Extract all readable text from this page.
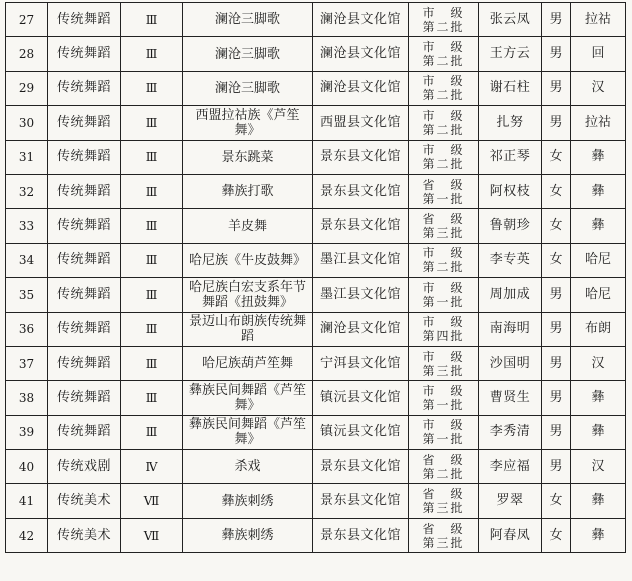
27	传统舞蹈	Ⅲ	澜沧三脚歌	澜沧县文化馆	市　级
第二批	张云凤	男	拉祜
28	传统舞蹈	Ⅲ	澜沧三脚歌	澜沧县文化馆	市　级
第二批	王方云	男	回
29	传统舞蹈	Ⅲ	澜沧三脚歌	澜沧县文化馆	市　级
第二批	谢石柱	男	汉
30	传统舞蹈	Ⅲ	西盟拉祜族《芦笙舞》	西盟县文化馆	市　级
第二批	扎努	男	拉祜
31	传统舞蹈	Ⅲ	景东跳菜	景东县文化馆	市　级
第二批	祁正琴	女	彝
32	传统舞蹈	Ⅲ	彝族打歌	景东县文化馆	省　级
第一批	阿权枝	女	彝
33	传统舞蹈	Ⅲ	羊皮舞	景东县文化馆	省　级
第三批	鲁朝珍	女	彝
34	传统舞蹈	Ⅲ	哈尼族《牛皮鼓舞》	墨江县文化馆	市　级
第二批	李专英	女	哈尼
35	传统舞蹈	Ⅲ	哈尼族白宏支系年节舞蹈《扭鼓舞》	墨江县文化馆	市　级
第一批	周加成	男	哈尼
36	传统舞蹈	Ⅲ	景迈山布朗族传统舞蹈	澜沧县文化馆	市　级
第四批	南海明	男	布朗
37	传统舞蹈	Ⅲ	哈尼族葫芦笙舞	宁洱县文化馆	市　级
第三批	沙国明	男	汉
38	传统舞蹈	Ⅲ	彝族民间舞蹈《芦笙舞》	镇沅县文化馆	市　级
第一批	曹贤生	男	彝
39	传统舞蹈	Ⅲ	彝族民间舞蹈《芦笙舞》	镇沅县文化馆	市　级
第一批	李秀清	男	彝
40	传统戏剧	Ⅳ	杀戏	景东县文化馆	省　级
第二批	李应福	男	汉
41	传统美术	Ⅶ	彝族刺绣	景东县文化馆	省　级
第三批	罗翠	女	彝
42	传统美术	Ⅶ	彝族刺绣	景东县文化馆	省　级
第三批	阿春凤	女	彝
